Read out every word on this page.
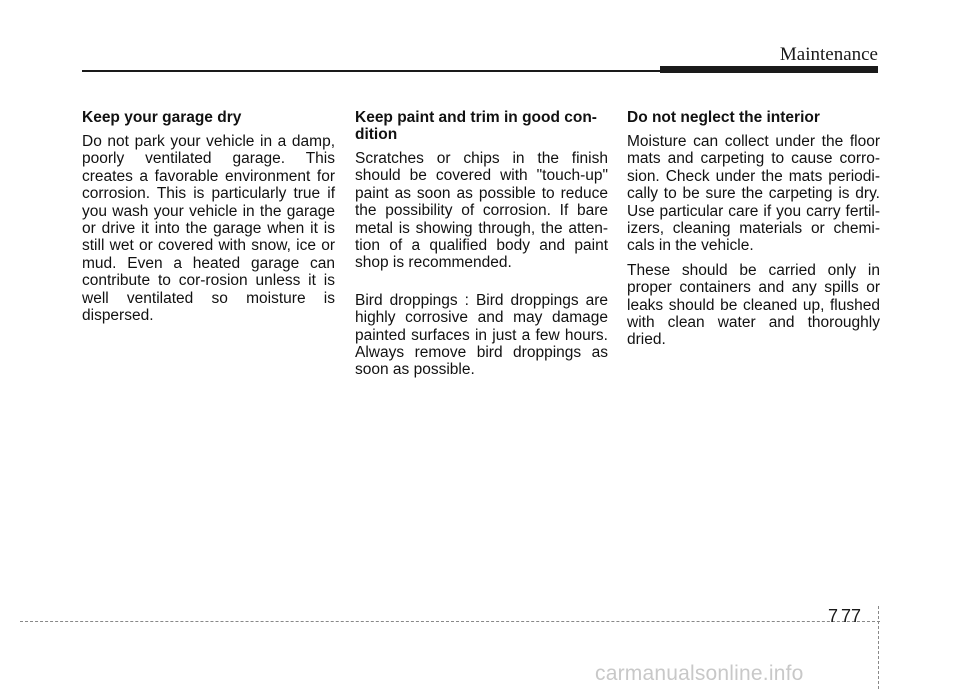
Maintenance
Keep your garage dry

Do not park your vehicle in a damp, poorly ventilated garage. This creates a favorable environment for corrosion. This is particularly true if you wash your vehicle in the garage or drive it into the garage when it is still wet or covered with snow, ice or mud. Even a heated garage can contribute to cor-rosion unless it is well ventilated so moisture is dispersed.

Keep paint and trim in good con-dition

Scratches or chips in the finish should be covered with "touch-up" paint as soon as possible to reduce the possibility of corrosion. If bare metal is showing through, the atten-tion of a qualified body and paint shop is recommended.

Bird droppings : Bird droppings are highly corrosive and may damage painted surfaces in just a few hours. Always remove bird droppings as soon as possible.

Do not neglect the interior

Moisture can collect under the floor mats and carpeting to cause corro-sion. Check under the mats periodi-cally to be sure the carpeting is dry. Use particular care if you carry fertil-izers, cleaning materials or chemi-cals in the vehicle.

These should be carried only in proper containers and any spills or leaks should be cleaned up, flushed with clean water and thoroughly dried.

7 77
carmanualsonline.info
